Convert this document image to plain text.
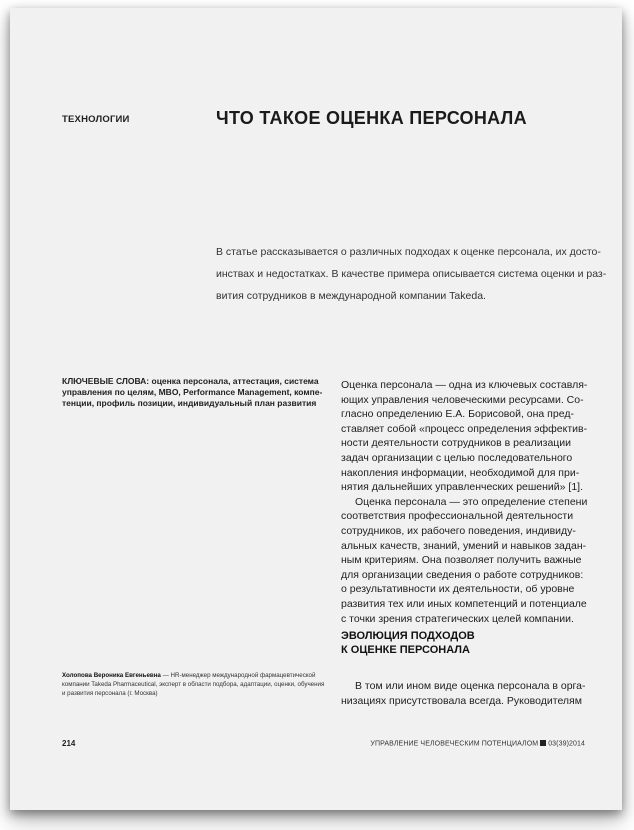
ТЕХНОЛОГИИ	ЧТО ТАКОЕ ОЦЕНКА ПЕРСОНАЛА
В статье рассказывается о различных подходах к оценке персонала, их досто-
инствах и недостатках. В качестве примера описывается система оценки и раз-
вития сотрудников в международной компании Takeda.
КЛЮЧЕВЫЕ СЛОВА: оценка персонала, аттестация, система управления по целям, MBO, Performance Management, компе-тенции, профиль позиции, индивидуальный план развития
Оценка персонала — одна из ключевых составля-
ющих управления человеческими ресурсами. Со-
гласно определению Е.А. Борисовой, она пред-
ставляет собой «процесс определения эффектив-
ности деятельности сотрудников в реализации
задач организации с целью последовательного
накопления информации, необходимой для при-
нятия дальнейших управленческих решений» [1].
Оценка персонала — это определение степени
соответствия профессиональной деятельности
сотрудников, их рабочего поведения, индивиду-
альных качеств, знаний, умений и навыков задан-
ным критериям. Она позволяет получить важные
для организации сведения о работе сотрудников:
о результативности их деятельности, об уровне
развития тех или иных компетенций и потенциале
с точки зрения стратегических целей компании.
ЭВОЛЮЦИЯ ПОДХОДОВ
К ОЦЕНКЕ ПЕРСОНАЛА
В том или ином виде оценка персонала в орга-
низациях присутствовала всегда. Руководителям
Холопова Вероника Евгеньевна — HR-менеджер международной фармацевтической
компании Takeda Pharmaceutical, эксперт в области подбора, адаптации, оценки, обучения
и развития персонала (г. Москва)
214	УПРАВЛЕНИЕ ЧЕЛОВЕЧЕСКИМ ПОТЕНЦИАЛОМ 03(39)2014
